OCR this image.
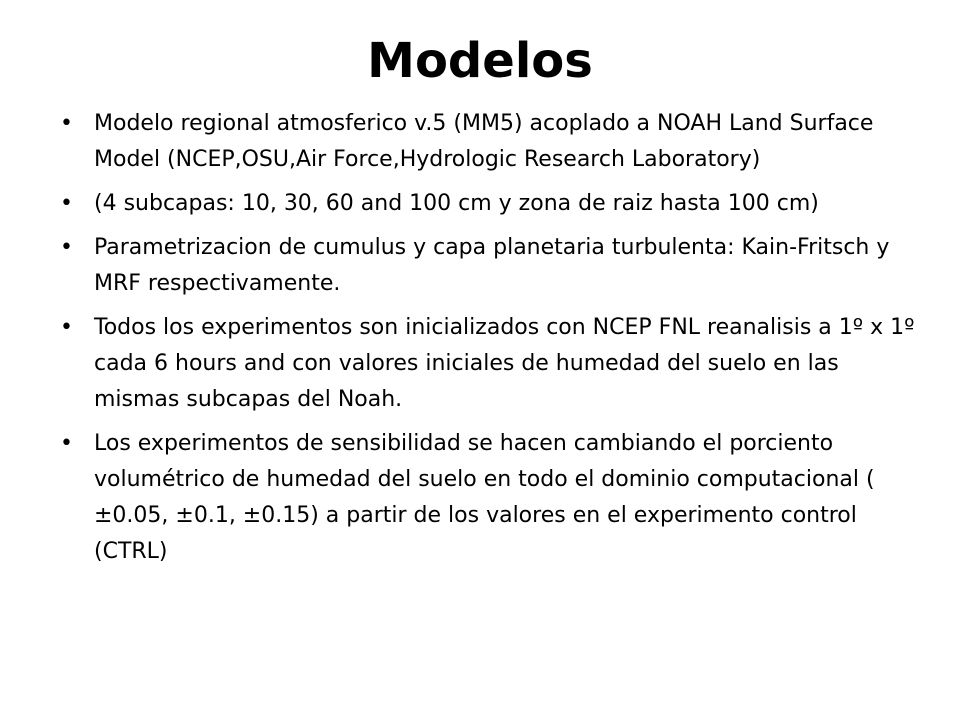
Modelos
• Modelo regional atmosferico v.5 (MM5) acoplado a NOAH Land Surface Model (NCEP,OSU,Air Force,Hydrologic Research Laboratory)
• (4 subcapas: 10, 30, 60 and 100 cm y zona de raiz hasta 100 cm)
• Parametrizacion de cumulus y capa planetaria turbulenta: Kain-Fritsch y MRF respectivamente.
• Todos los experimentos son inicializados con NCEP FNL reanalisis a 1º x 1º cada 6 hours and con valores iniciales de humedad del suelo en las mismas subcapas del Noah.
• Los experimentos de sensibilidad se hacen cambiando el porciento volumétrico de humedad del suelo en todo el dominio computacional ( ±0.05, ±0.1, ±0.15) a partir de los valores en el experimento control (CTRL)
